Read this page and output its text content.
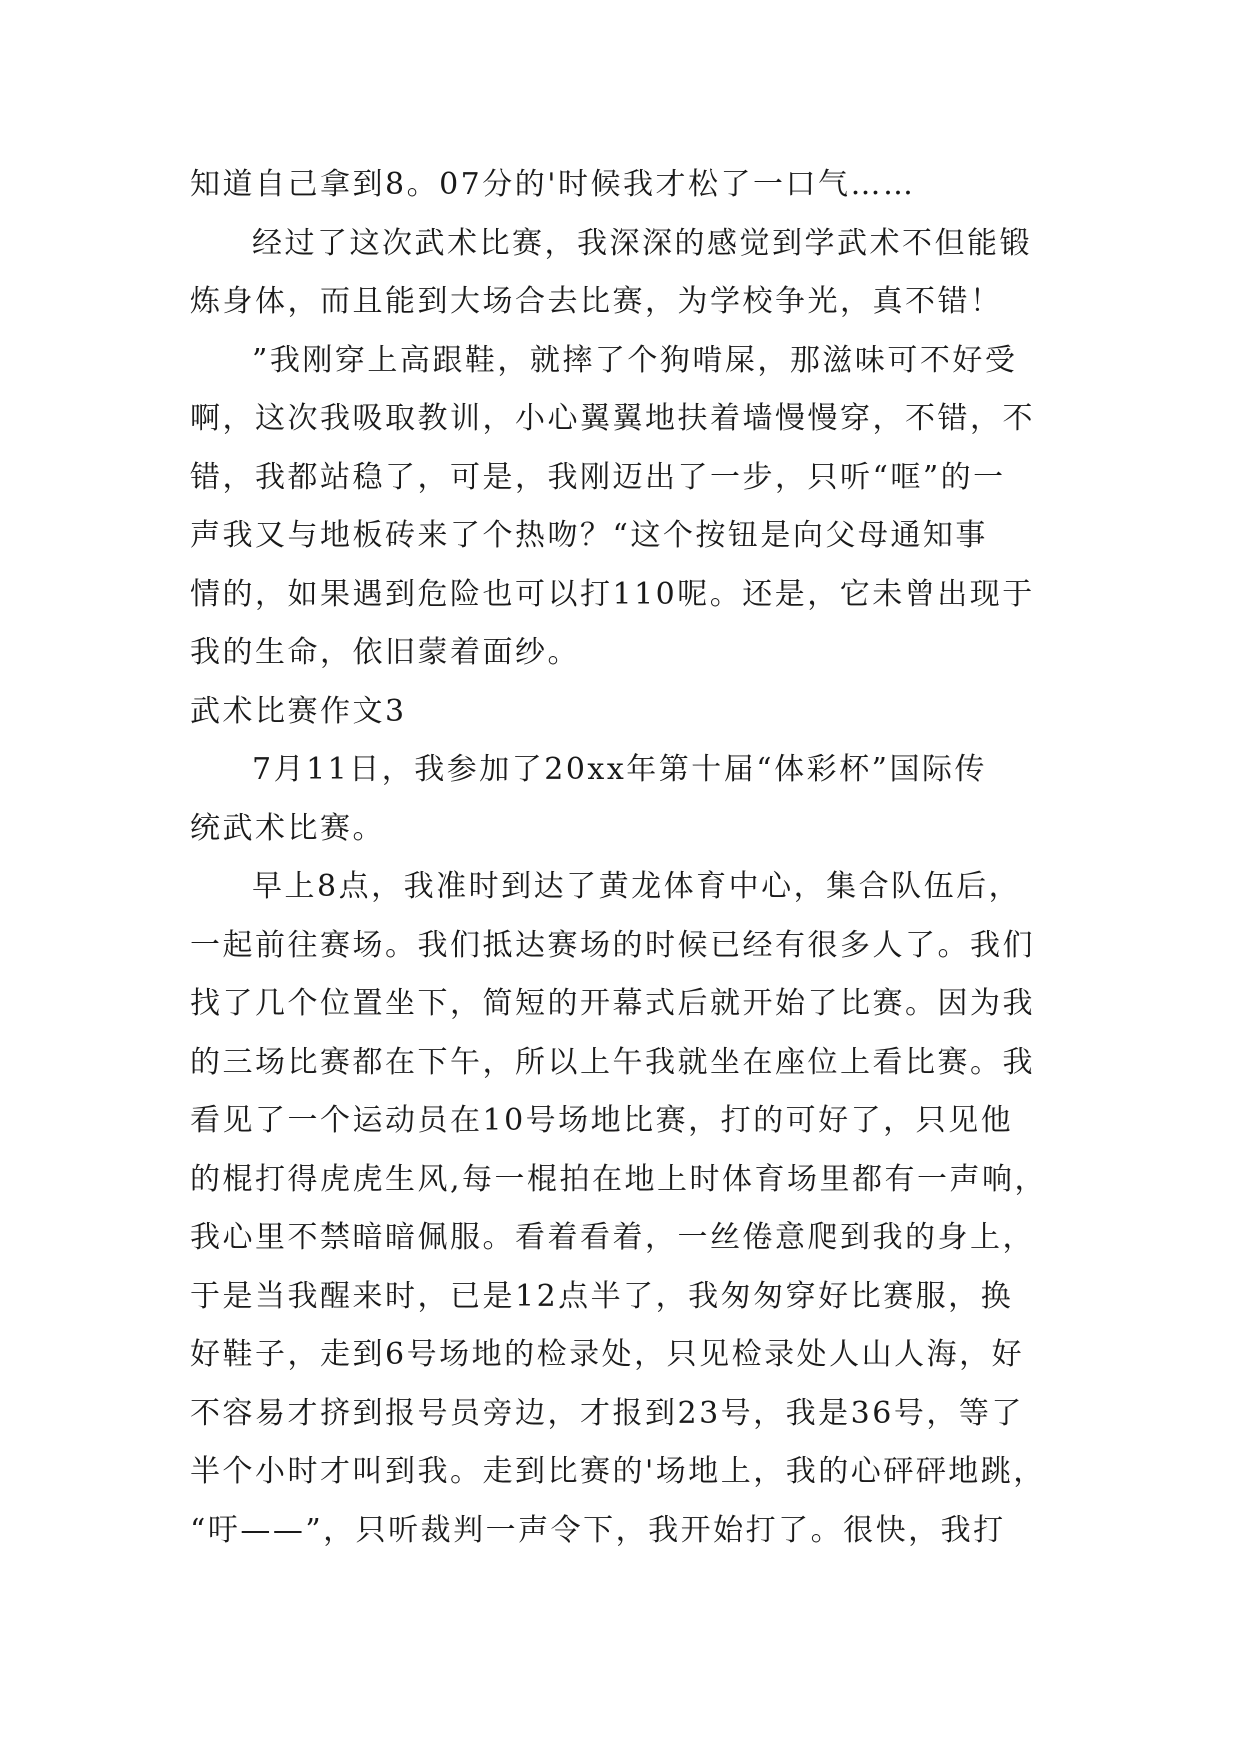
知道自己拿到8。07分的'时候我才松了一口气……
经过了这次武术比赛，我深深的感觉到学武术不但能锻
炼身体，而且能到大场合去比赛，为学校争光，真不错！
”我刚穿上高跟鞋，就摔了个狗啃屎，那滋味可不好受
啊，这次我吸取教训，小心翼翼地扶着墙慢慢穿，不错，不
错，我都站稳了，可是，我刚迈出了一步，只听“哐”的一
声我又与地板砖来了个热吻？“这个按钮是向父母通知事
情的，如果遇到危险也可以打110呢。还是，它未曾出现于
我的生命，依旧蒙着面纱。
武术比赛作文3
7月11日，我参加了20xx年第十届“体彩杯”国际传
统武术比赛。
早上8点，我准时到达了黄龙体育中心，集合队伍后，
一起前往赛场。我们抵达赛场的时候已经有很多人了。我们
找了几个位置坐下，简短的开幕式后就开始了比赛。因为我
的三场比赛都在下午，所以上午我就坐在座位上看比赛。我
看见了一个运动员在10号场地比赛，打的可好了，只见他
的棍打得虎虎生风,每一棍拍在地上时体育场里都有一声响，
我心里不禁暗暗佩服。看着看着，一丝倦意爬到我的身上，
于是当我醒来时，已是12点半了，我匆匆穿好比赛服，换
好鞋子，走到6号场地的检录处，只见检录处人山人海，好
不容易才挤到报号员旁边，才报到23号，我是36号，等了
半个小时才叫到我。走到比赛的'场地上，我的心砰砰地跳，
“吁——”，只听裁判一声令下，我开始打了。很快，我打
